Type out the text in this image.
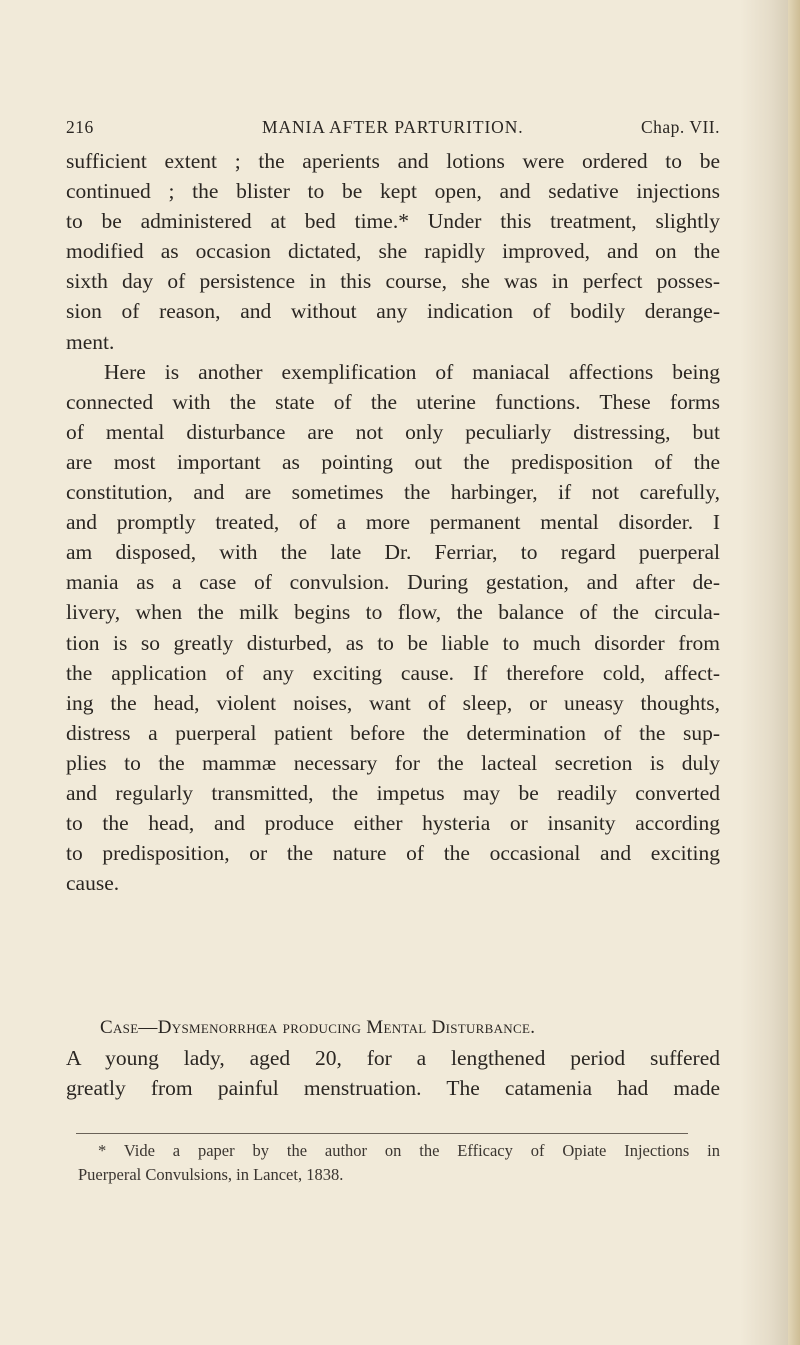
216	MANIA AFTER PARTURITION.	Chap. VII.
sufficient extent ; the aperients and lotions were ordered to be
continued ; the blister to be kept open, and sedative injections
to be administered at bed time.* Under this treatment, slightly
modified as occasion dictated, she rapidly improved, and on the
sixth day of persistence in this course, she was in perfect posses-
sion of reason, and without any indication of bodily derange-
ment.
Here is another exemplification of maniacal affections being
connected with the state of the uterine functions. These forms
of mental disturbance are not only peculiarly distressing, but
are most important as pointing out the predisposition of the
constitution, and are sometimes the harbinger, if not carefully,
and promptly treated, of a more permanent mental disorder. I
am disposed, with the late Dr. Ferriar, to regard puerperal
mania as a case of convulsion. During gestation, and after de-
livery, when the milk begins to flow, the balance of the circula-
tion is so greatly disturbed, as to be liable to much disorder from
the application of any exciting cause. If therefore cold, affect-
ing the head, violent noises, want of sleep, or uneasy thoughts,
distress a puerperal patient before the determination of the sup-
plies to the mammæ necessary for the lacteal secretion is duly
and regularly transmitted, the impetus may be readily converted
to the head, and produce either hysteria or insanity according
to predisposition, or the nature of the occasional and exciting
cause.
Case—Dysmenorrhœa producing Mental Disturbance.
A young lady, aged 20, for a lengthened period suffered
greatly from painful menstruation. The catamenia had made
* Vide a paper by the author on the Efficacy of Opiate Injections in
Puerperal Convulsions, in Lancet, 1838.
